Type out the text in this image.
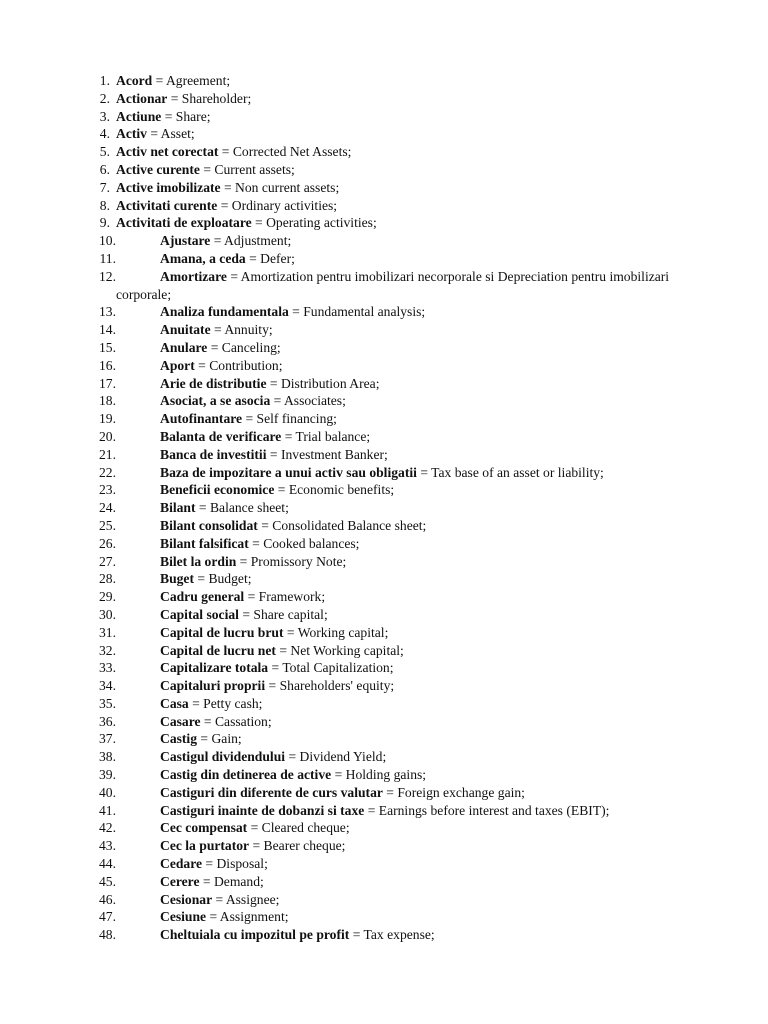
1. Acord = Agreement;
2. Actionar = Shareholder;
3. Actiune = Share;
4. Activ = Asset;
5. Activ net corectat = Corrected Net Assets;
6. Active curente = Current assets;
7. Active imobilizate = Non current assets;
8. Activitati curente = Ordinary activities;
9. Activitati de exploatare = Operating activities;
10.	Ajustare = Adjustment;
11.	Amana, a ceda = Defer;
12.	Amortizare = Amortization pentru imobilizari necorporale si Depreciation pentru imobilizari corporale;
13.	Analiza fundamentala = Fundamental analysis;
14.	Anuitate = Annuity;
15.	Anulare = Canceling;
16.	Aport = Contribution;
17.	Arie de distributie = Distribution Area;
18.	Asociat, a se asocia = Associates;
19.	Autofinantare = Self financing;
20.	Balanta de verificare = Trial balance;
21.	Banca de investitii = Investment Banker;
22.	Baza de impozitare a unui activ sau obligatii = Tax base of an asset or liability;
23.	Beneficii economice = Economic benefits;
24.	Bilant = Balance sheet;
25.	Bilant consolidat = Consolidated Balance sheet;
26.	Bilant falsificat = Cooked balances;
27.	Bilet la ordin = Promissory Note;
28.	Buget = Budget;
29.	Cadru general = Framework;
30.	Capital social = Share capital;
31.	Capital de lucru brut = Working capital;
32.	Capital de lucru net = Net Working capital;
33.	Capitalizare totala = Total Capitalization;
34.	Capitaluri proprii = Shareholders' equity;
35.	Casa = Petty cash;
36.	Casare = Cassation;
37.	Castig = Gain;
38.	Castigul dividendului = Dividend Yield;
39.	Castig din detinerea de active = Holding gains;
40.	Castiguri din diferente de curs valutar = Foreign exchange gain;
41.	Castiguri inainte de dobanzi si taxe = Earnings before interest and taxes (EBIT);
42.	Cec compensat = Cleared cheque;
43.	Cec la purtator = Bearer cheque;
44.	Cedare = Disposal;
45.	Cerere = Demand;
46.	Cesionar = Assignee;
47.	Cesiune = Assignment;
48.	Cheltuiala cu impozitul pe profit = Tax expense;
